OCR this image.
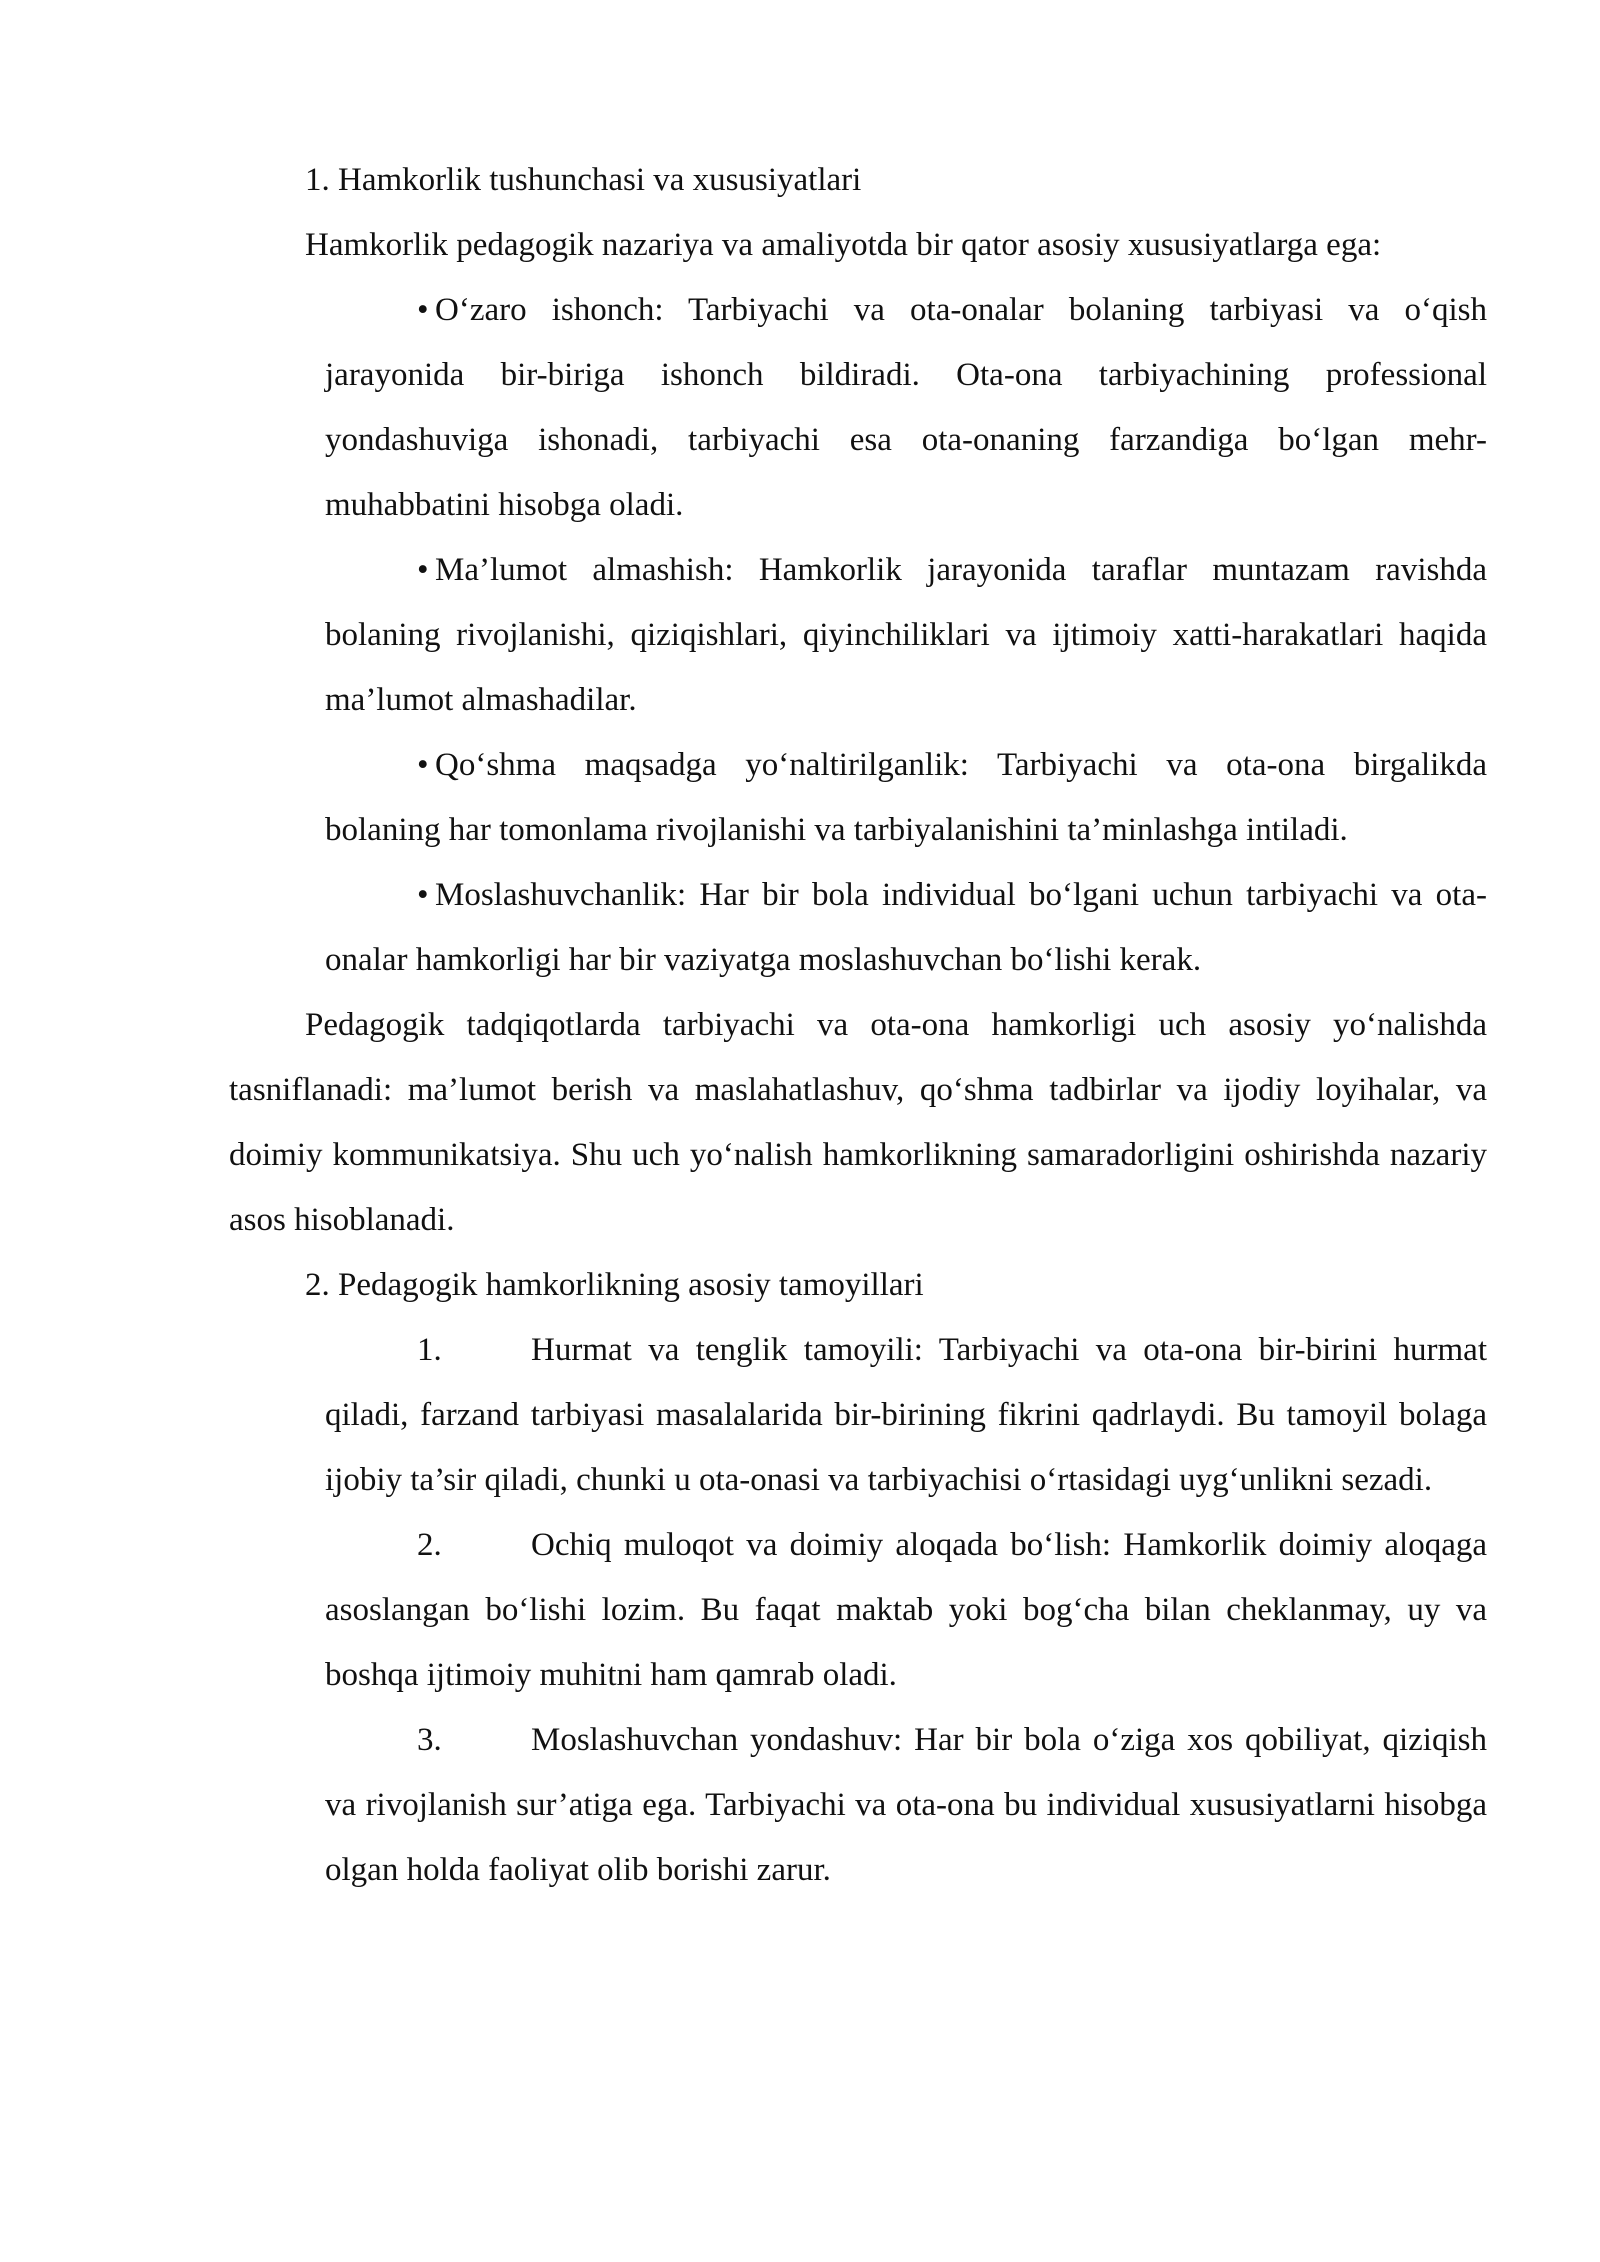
1. Hamkorlik tushunchasi va xususiyatlari

Hamkorlik pedagogik nazariya va amaliyotda bir qator asosiy xususiyatlarga ega:

• O‘zaro ishonch: Tarbiyachi va ota-onalar bolaning tarbiyasi va o‘qish jarayonida bir-biriga ishonch bildiradi. Ota-ona tarbiyachining professional yondashuviga ishonadi, tarbiyachi esa ota-onaning farzandiga bo‘lgan mehr-muhabbatini hisobga oladi.

• Ma’lumot almashish: Hamkorlik jarayonida taraflar muntazam ravishda bolaning rivojlanishi, qiziqishlari, qiyinchiliklari va ijtimoiy xatti-harakatlari haqida ma’lumot almashadilar.

• Qo‘shma maqsadga yo‘naltirilganlik: Tarbiyachi va ota-ona birgalikda bolaning har tomonlama rivojlanishi va tarbiyalanishini ta’minlashga intiladi.

• Moslashuvchanlik: Har bir bola individual bo‘lgani uchun tarbiyachi va ota-onalar hamkorligi har bir vaziyatga moslashuvchan bo‘lishi kerak.

Pedagogik tadqiqotlarda tarbiyachi va ota-ona hamkorligi uch asosiy yo‘nalishda tasniflanadi: ma’lumot berish va maslahatlashuv, qo‘shma tadbirlar va ijodiy loyihalar, va doimiy kommunikatsiya. Shu uch yo‘nalish hamkorlikning samaradorligini oshirishda nazariy asos hisoblanadi.

2. Pedagogik hamkorlikning asosiy tamoyillari

1.	Hurmat va tenglik tamoyili: Tarbiyachi va ota-ona bir-birini hurmat qiladi, farzand tarbiyasi masalalarida bir-birining fikrini qadrlaydi. Bu tamoyil bolaga ijobiy ta’sir qiladi, chunki u ota-onasi va tarbiyachisi o‘rtasidagi uyg‘unlikni sezadi.

2.	Ochiq muloqot va doimiy aloqada bo‘lish: Hamkorlik doimiy aloqaga asoslangan bo‘lishi lozim. Bu faqat maktab yoki bog‘cha bilan cheklanmay, uy va boshqa ijtimoiy muhitni ham qamrab oladi.

3.	Moslashuvchan yondashuv: Har bir bola o‘ziga xos qobiliyat, qiziqish va rivojlanish sur’atiga ega. Tarbiyachi va ota-ona bu individual xususiyatlarni hisobga olgan holda faoliyat olib borishi zarur.
